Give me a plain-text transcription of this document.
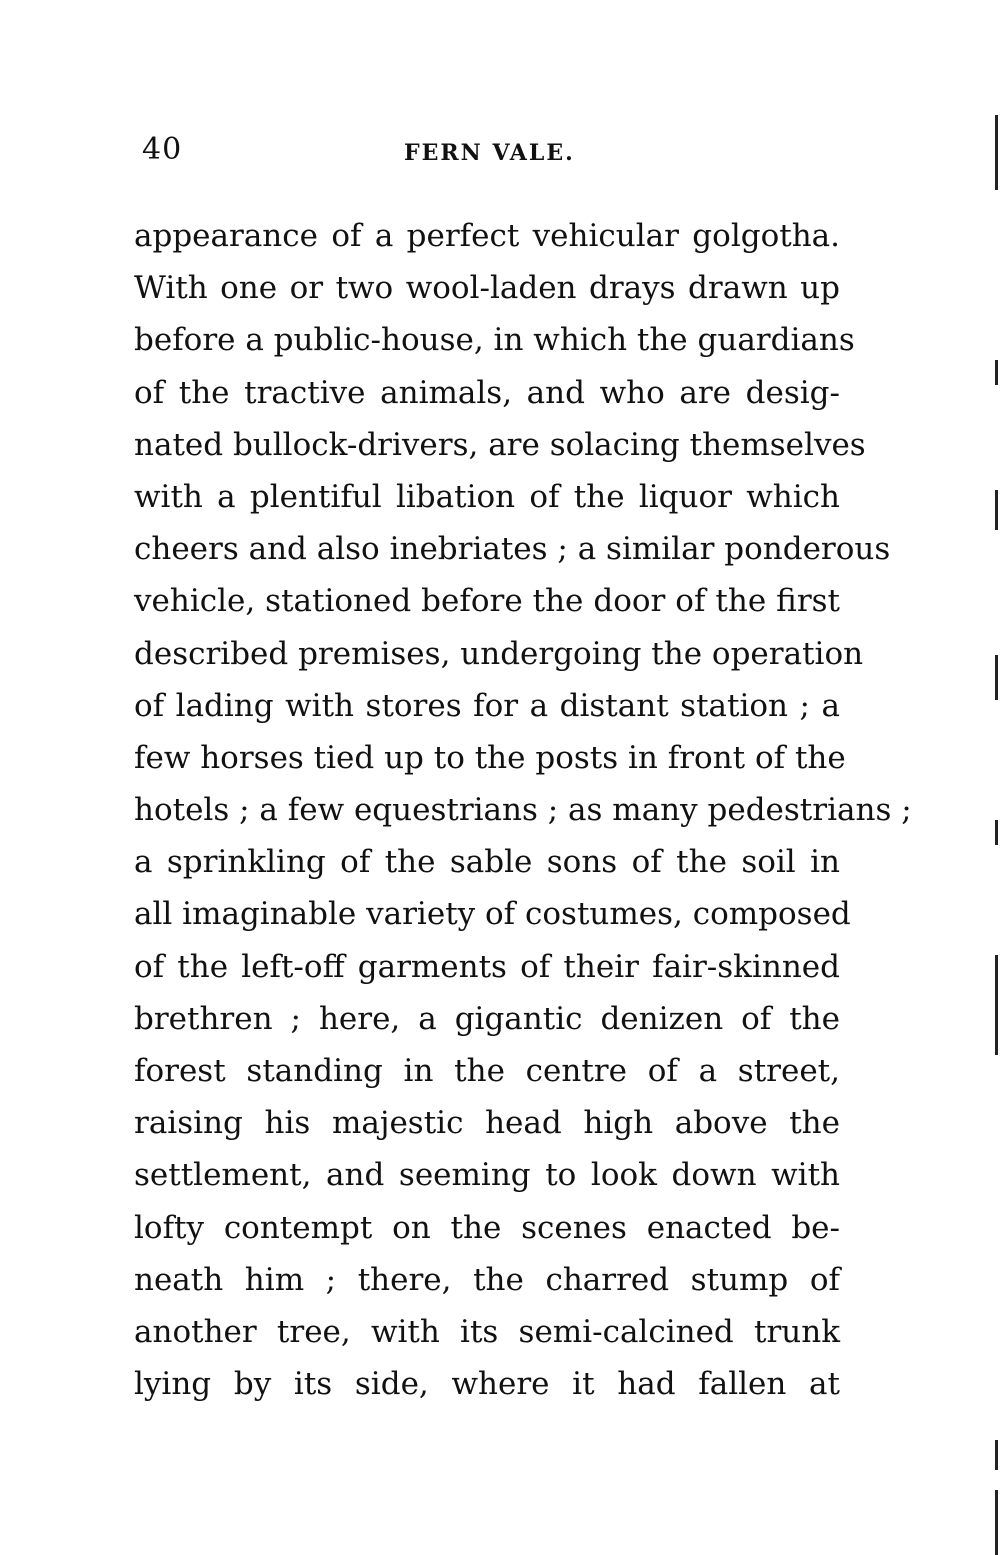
40	FERN VALE.
appearance of a perfect vehicular golgotha.
With one or two wool-laden drays drawn up
before a public-house, in which the guardians
of the tractive animals, and who are desig-
nated bullock-drivers, are solacing themselves
with a plentiful libation of the liquor which
cheers and also inebriates ; a similar ponderous
vehicle, stationed before the door of the first
described premises, undergoing the operation
of lading with stores for a distant station ; a
few horses tied up to the posts in front of the
hotels ; a few equestrians ; as many pedestrians ;
a sprinkling of the sable sons of the soil in
all imaginable variety of costumes, composed
of the left-off garments of their fair-skinned
brethren ; here, a gigantic denizen of the
forest standing in the centre of a street,
raising his majestic head high above the
settlement, and seeming to look down with
lofty contempt on the scenes enacted be-
neath him ; there, the charred stump of
another tree, with its semi-calcined trunk
lying by its side, where it had fallen at
